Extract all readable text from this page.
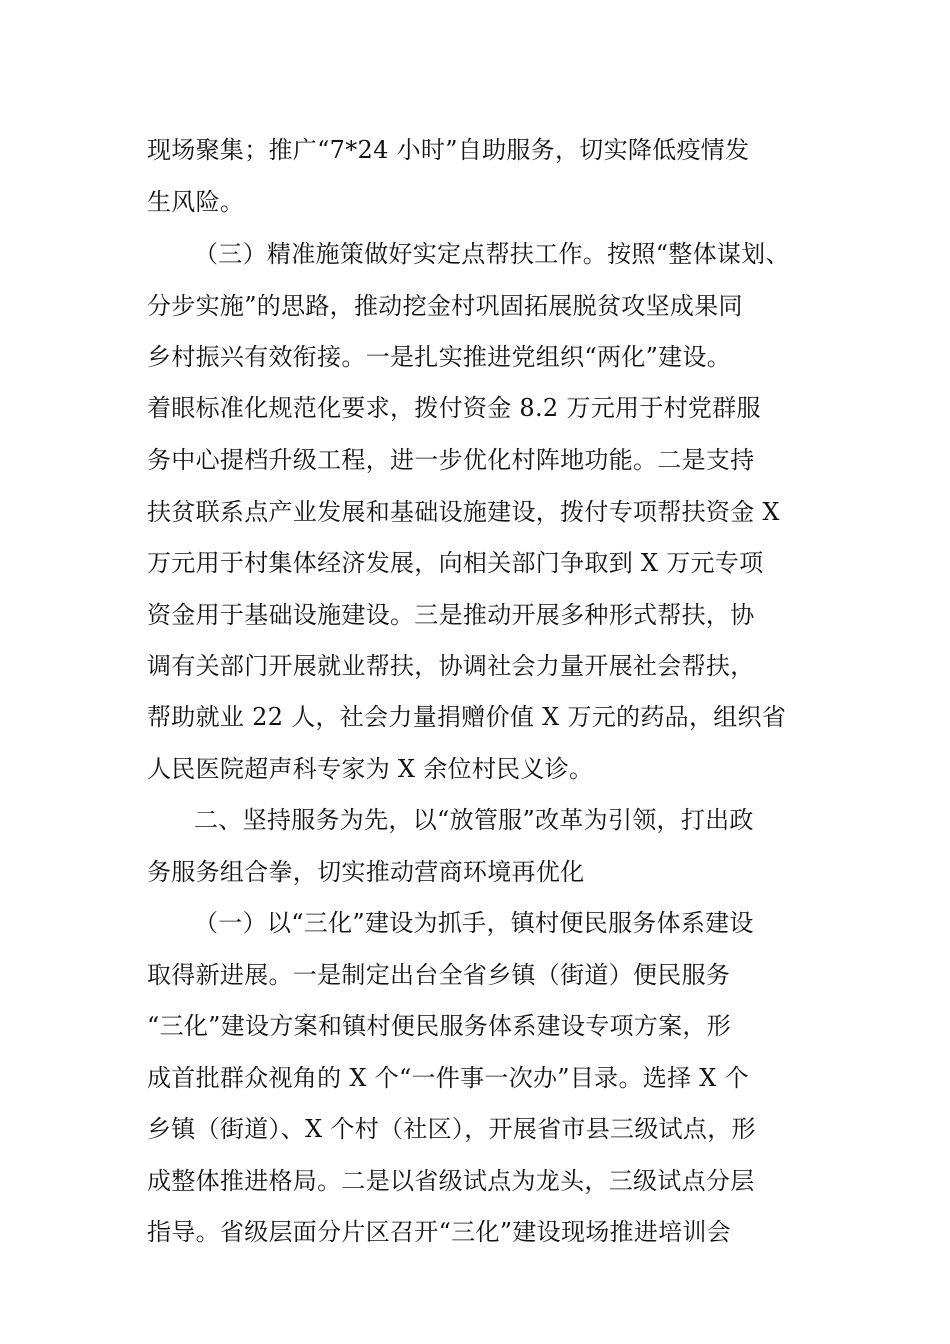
现场聚集；推广“7*24 小时”自助服务，切实降低疫情发
生风险。
（三）精准施策做好实定点帮扶工作。按照“整体谋划、
分步实施”的思路，推动挖金村巩固拓展脱贫攻坚成果同
乡村振兴有效衔接。一是扎实推进党组织“两化”建设。
着眼标准化规范化要求，拨付资金 8.2 万元用于村党群服
务中心提档升级工程，进一步优化村阵地功能。二是支持
扶贫联系点产业发展和基础设施建设，拨付专项帮扶资金 X
万元用于村集体经济发展，向相关部门争取到 X 万元专项
资金用于基础设施建设。三是推动开展多种形式帮扶，协
调有关部门开展就业帮扶，协调社会力量开展社会帮扶，
帮助就业 22 人，社会力量捐赠价值 X 万元的药品，组织省
人民医院超声科专家为 X 余位村民义诊。
二、坚持服务为先，以“放管服”改革为引领，打出政
务服务组合拳，切实推动营商环境再优化
（一）以“三化”建设为抓手，镇村便民服务体系建设
取得新进展。一是制定出台全省乡镇（街道）便民服务
“三化”建设方案和镇村便民服务体系建设专项方案，形
成首批群众视角的 X 个“一件事一次办”目录。选择 X 个
乡镇（街道）、X 个村（社区），开展省市县三级试点，形
成整体推进格局。二是以省级试点为龙头，三级试点分层
指导。省级层面分片区召开“三化”建设现场推进培训会
